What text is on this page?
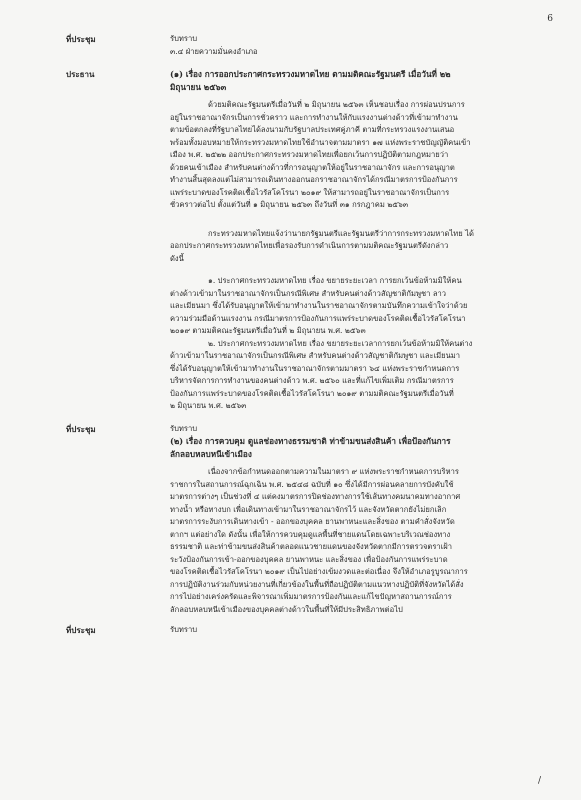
6
ที่ประชุม	รับทราบ
๓.๔ ฝ่ายความมั่นคงอำเภอ
ประธาน	(๑) เรื่อง การออกประกาศกระทรวงมหาดไทย ตามมติคณะรัฐมนตรี เมื่อวันที่ ๒๒
มิถุนายน ๒๕๖๓
ด้วยมติคณะรัฐมนตรีเมื่อวันที่ ๒ มิถุนายน ๒๕๖๓ เห็นชอบเรื่อง การผ่อนปรนการ
อยู่ในราชอาณาจักรเป็นการชั่วคราว และการทำงานให้กับแรงงานต่างด้าวที่เข้ามาทำงาน
ตามข้อตกลงที่รัฐบาลไทยได้ลงนามกับรัฐบาลประเทศคู่ภาคี ตามที่กระทรวงแรงงานเสนอ
พร้อมทั้งมอบหมายให้กระทรวงมหาดไทยใช้อำนาจตามมาตรา ๑๗ แห่งพระราชบัญญัติคนเข้า
เมือง พ.ศ. ๒๕๒๒ ออกประกาศกระทรวงมหาดไทยเพื่อยกเว้นการปฏิบัติตามกฎหมายว่า
ด้วยคนเข้าเมือง สำหรับคนต่างด้าวที่การอนุญาตให้อยู่ในราชอาณาจักร และการอนุญาต
ทำงานสิ้นสุดลงแต่ไม่สามารถเดินทางออกนอกราชอาณาจักรได้กรณีมาตรการป้องกันการ
แพร่ระบาดของโรคติดเชื้อไวรัสโคโรนา ๒๐๑๙ ให้สามารถอยู่ในราชอาณาจักรเป็นการ
ชั่วคราวต่อไป ตั้งแต่วันที่ ๑ มิถุนายน ๒๕๖๓ ถึงวันที่ ๓๑ กรกฎาคม ๒๕๖๓
กระทรวงมหาดไทยแจ้งว่านายกรัฐมนตรีและรัฐมนตรีว่าการกระทรวงมหาดไทย ได้
ออกประกาศกระทรวงมหาดไทยเพื่อรองรับการดำเนินการตามมติคณะรัฐมนตรีดังกล่าว
ดังนี้
๑. ประกาศกระทรวงมหาดไทย เรื่อง ขยายระยะเวลา การยกเว้นข้อห้ามมิให้คน
ต่างด้าวเข้ามาในราชอาณาจักรเป็นกรณีพิเศษ สำหรับคนต่างด้าวสัญชาติกัมพูชา ลาว
และเมียนมา ซึ่งได้รับอนุญาตให้เข้ามาทำงานในราชอาณาจักรตามบันทึกความเข้าใจว่าด้วย
ความร่วมมือด้านแรงงาน กรณีมาตรการป้องกันการแพร่ระบาดของโรคติดเชื้อไวรัสโคโรนา
๒๐๑๙ ตามมติคณะรัฐมนตรีเมื่อวันที่ ๒ มิถุนายน พ.ศ. ๒๕๖๓
๒. ประกาศกระทรวงมหาดไทย เรื่อง ขยายระยะเวลาการยกเว้นข้อห้ามมิให้คนต่าง
ด้าวเข้ามาในราชอาณาจักรเป็นกรณีพิเศษ สำหรับคนต่างด้าวสัญชาติกัมพูชา และเมียนมา
ซึ่งได้รับอนุญาตให้เข้ามาทำงานในราชอาณาจักรตามมาตรา ๖๔ แห่งพระราชกำหนดการ
บริหารจัดการการทำงานของคนต่างด้าว พ.ศ. ๒๕๖๐ และที่แก้ไขเพิ่มเติม กรณีมาตรการ
ป้องกันการแพร่ระบาดของโรคติดเชื้อไวรัสโคโรนา ๒๐๑๙ ตามมติคณะรัฐมนตรีเมื่อวันที่
๒ มิถุนายน พ.ศ. ๒๕๖๓
ที่ประชุม	รับทราบ
(๒) เรื่อง การควบคุม ดูแลช่องทางธรรมชาติ ท่าข้ามขนส่งสินค้า เพื่อป้องกันการ
ลักลอบหลบหนีเข้าเมือง
เนื่องจากข้อกำหนดออกตามความในมาตรา ๙ แห่งพระราชกำหนดการบริหาร
ราชการในสถานการณ์ฉุกเฉิน พ.ศ. ๒๕๔๘ ฉบับที่ ๑๐ ซึ่งได้มีการผ่อนคลายการบังคับใช้
มาตรการต่างๆ เป็นช่วงที่ ๔ แต่คงมาตรการปิดช่องทางการใช้เส้นทางคมนาคมทางอากาศ
ทางน้ำ หรือทางบก เพื่อเดินทางเข้ามาในราชอาณาจักรไว้ และจังหวัดตากยังไม่ยกเลิก
มาตรการระงับการเดินทางเข้า - ออกของบุคคล ยานพาหนะและสิ่งของ ตามคำสั่งจังหวัด
ตากฯ แต่อย่างใด ดังนั้น เพื่อให้การควบคุมดูแลพื้นที่ชายแดนโดยเฉพาะบริเวณช่องทาง
ธรรมชาติ และท่าข้ามขนส่งสินค้าตลอดแนวชายแดนของจังหวัดตากมีการตรวจตราเฝ้า
ระวังป้องกันการเข้า-ออกของบุคคล ยานพาหนะ และสิ่งของ เพื่อป้องกันการแพร่ระบาด
ของโรคติดเชื้อไวรัสโคโรนา ๒๐๑๙ เป็นไปอย่างเข้มงวดและต่อเนื่อง จึงให้อำเภอรูบูรณาการ
การปฏิบัติงานร่วมกับหน่วยงานที่เกี่ยวข้องในพื้นที่ถือปฏิบัติตามแนวทางปฏิบัติที่จังหวัดได้สั่ง
การไปอย่างเคร่งครัดและพิจารณาเพิ่มมาตรการป้องกันและแก้ไขปัญหาสถานการณ์การ
ลักลอบหลบหนีเข้าเมืองของบุคคลต่างด้าวในพื้นที่ให้มีประสิทธิภาพต่อไป
ที่ประชุม	รับทราบ
/
